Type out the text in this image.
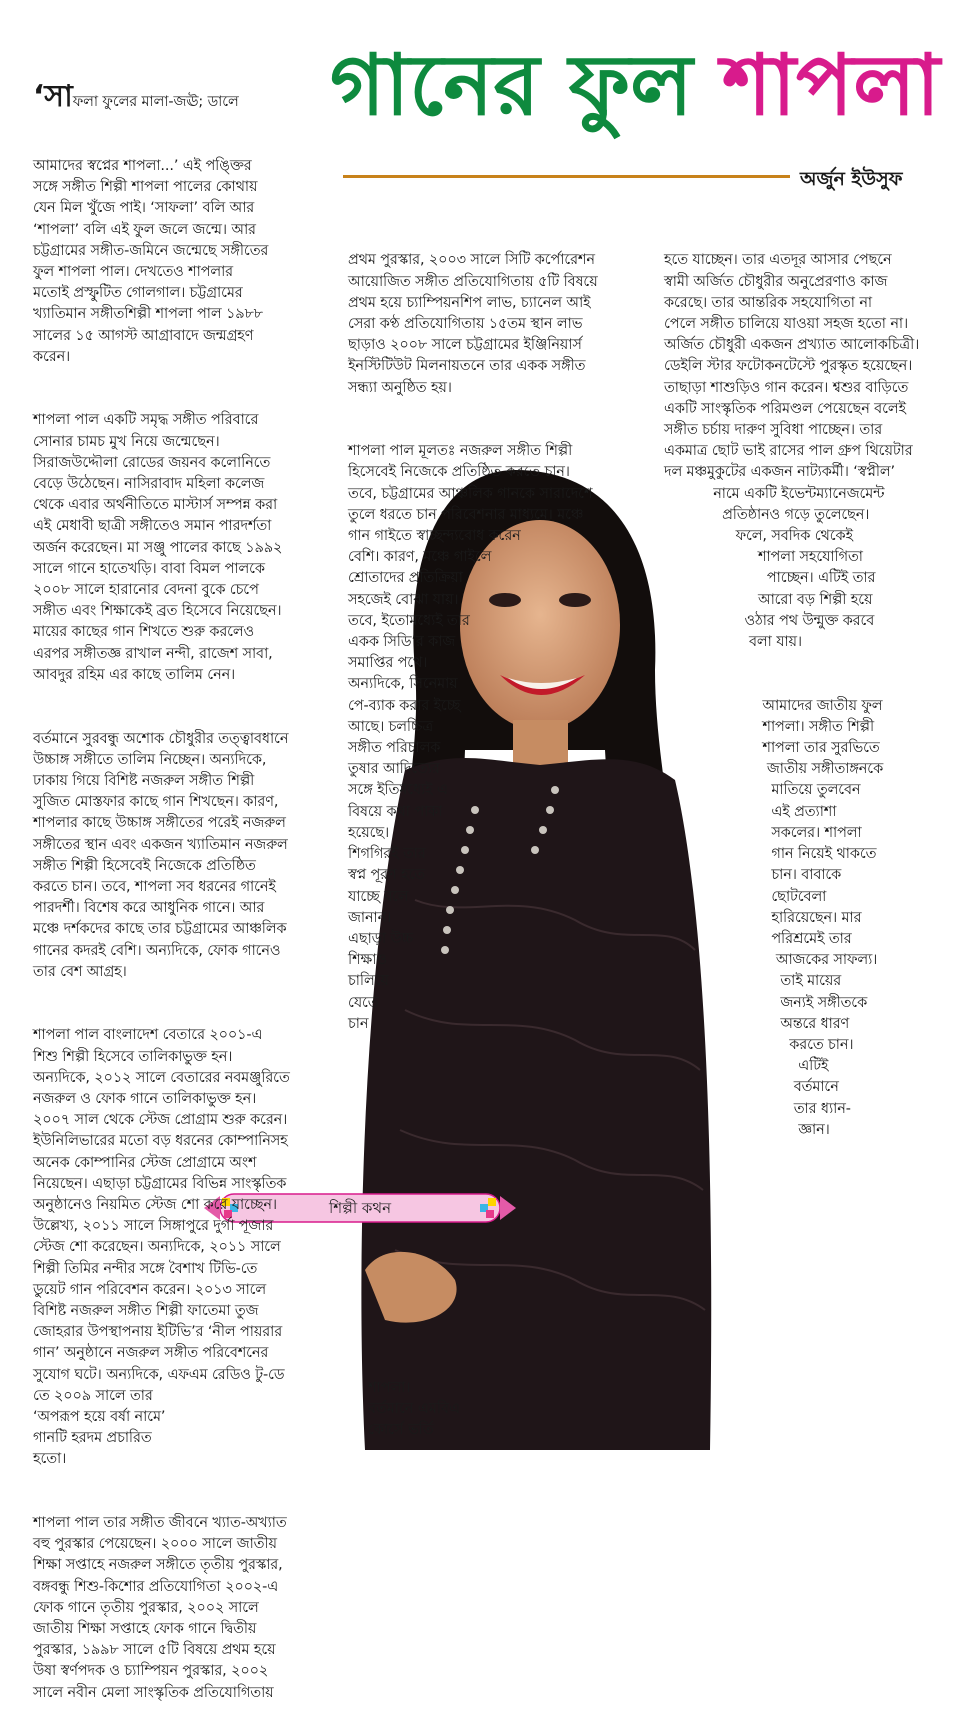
গানের ফুল শাপলা
অর্জুন ইউসুফ
শিল্পী কথন

‘সাফলা ফুলের মালা-জঊ; ডালে

আমাদের স্বপ্নের শাপলা...’ এই পঙ্ক্তির
সঙ্গে সঙ্গীত শিল্পী শাপলা পালের কোথায়
যেন মিল খুঁজে পাই। ‘সাফলা’ বলি আর
‘শাপলা’ বলি এই ফুল জলে জন্মে। আর
চট্টগ্রামের সঙ্গীত-জমিনে জন্মেছে সঙ্গীতের
ফুল শাপলা পাল। দেখতেও শাপলার
মতোই প্রস্ফুটিত গোলগাল। চট্টগ্রামের
খ্যাতিমান সঙ্গীতশিল্পী শাপলা পাল ১৯৮৮
সালের ১৫ আগস্ট আগ্রাবাদে জন্মগ্রহণ
করেন।

শাপলা পাল একটি সমৃদ্ধ সঙ্গীত পরিবারে
সোনার চামচ মুখ নিয়ে জন্মেছেন।
সিরাজউদ্দৌলা রোডের জয়নব কলোনিতে
বেড়ে উঠেছেন। নাসিরাবাদ মহিলা কলেজ
থেকে এবার অর্থনীতিতে মাস্টার্স সম্পন্ন করা
এই মেধাবী ছাত্রী সঙ্গীতেও সমান পারদর্শতা
অর্জন করেছেন। মা সঞ্জু পালের কাছে ১৯৯২
সালে গানে হাতেখড়ি। বাবা বিমল পালকে
২০০৮ সালে হারানোর বেদনা বুকে চেপে
সঙ্গীত এবং শিক্ষাকেই ব্রত হিসেবে নিয়েছেন।
মায়ের কাছের গান শিখতে শুরু করলেও
এরপর সঙ্গীতজ্ঞ রাখাল নন্দী, রাজেশ সাবা,
আবদুর রহিম এর কাছে তালিম নেন।

বর্তমানে সুরবন্ধু অশোক চৌধুরীর তত্ত্বাবধানে
উচ্চাঙ্গ সঙ্গীতে তালিম নিচ্ছেন। অন্যদিকে,
ঢাকায় গিয়ে বিশিষ্ট নজরুল সঙ্গীত শিল্পী
সুজিত মোস্তফার কাছে গান শিখছেন। কারণ,
শাপলার কাছে উচ্চাঙ্গ সঙ্গীতের পরেই নজরুল
সঙ্গীতের স্থান এবং একজন খ্যাতিমান নজরুল
সঙ্গীত শিল্পী হিসেবেই নিজেকে প্রতিষ্ঠিত
করতে চান। তবে, শাপলা সব ধরনের গানেই
পারদর্শী। বিশেষ করে আধুনিক গানে। আর
মঞ্চে দর্শকদের কাছে তার চট্টগ্রামের আঞ্চলিক
গানের কদরই বেশি। অন্যদিকে, ফোক গানেও
তার বেশ আগ্রহ।

শাপলা পাল বাংলাদেশ বেতারে ২০০১-এ
শিশু শিল্পী হিসেবে তালিকাভুক্ত হন।
অন্যদিকে, ২০১২ সালে বেতারের নবমঞ্জুরিতে
নজরুল ও ফোক গানে তালিকাভুক্ত হন।
২০০৭ সাল থেকে স্টেজ প্রোগ্রাম শুরু করেন।
ইউনিলিভারের মতো বড় ধরনের কোম্পানিসহ
অনেক কোম্পানির স্টেজ প্রোগ্রামে অংশ
নিয়েছেন। এছাড়া চট্টগ্রামের বিভিন্ন সাংস্কৃতিক
অনুষ্ঠানেও নিয়মিত স্টেজ শো করে যাচ্ছেন।
উল্লেখ্য, ২০১১ সালে সিঙ্গাপুরে দুর্গা পূজার
স্টেজ শো করেছেন। অন্যদিকে, ২০১১ সালে
শিল্পী তিমির নন্দীর সঙ্গে বৈশাখ টিভি-তে
ডুয়েট গান পরিবেশন করেন। ২০১৩ সালে
বিশিষ্ট নজরুল সঙ্গীত শিল্পী ফাতেমা তুজ
জোহরার উপস্থাপনায় ইটিভি’র ‘নীল পায়রার
গান’ অনুষ্ঠানে নজরুল সঙ্গীত পরিবেশনের
সুযোগ ঘটে। অন্যদিকে, এফএম রেডিও টু-ডে
তে ২০০৯ সালে তার
‘অপরূপ হয়ে বর্ষা নামে’
গানটি হরদম প্রচারিত
হতো।

শাপলা পাল তার সঙ্গীত জীবনে খ্যাত-অখ্যাত
বহু পুরস্কার পেয়েছেন। ২০০০ সালে জাতীয়
শিক্ষা সপ্তাহে নজরুল সঙ্গীতে তৃতীয় পুরস্কার,
বঙ্গবন্ধু শিশু-কিশোর প্রতিযোগিতা ২০০২-এ
ফোক গানে তৃতীয় পুরস্কার, ২০০২ সালে
জাতীয় শিক্ষা সপ্তাহে ফোক গানে দ্বিতীয়
পুরস্কার, ১৯৯৮ সালে ৫টি বিষয়ে প্রথম হয়ে
উষা স্বর্ণপদক ও চ্যাম্পিয়ন পুরস্কার, ২০০২
সালে নবীন মেলা সাংস্কৃতিক প্রতিযোগিতায়

প্রথম পুরস্কার, ২০০৩ সালে সিটি কর্পোরেশন
আয়োজিত সঙ্গীত প্রতিযোগিতায় ৫টি বিষয়ে
প্রথম হয়ে চ্যাম্পিয়নশিপ লাভ, চ্যানেল আই
সেরা কণ্ঠ প্রতিযোগিতায় ১৫তম স্থান লাভ
ছাড়াও ২০০৮ সালে চট্টগ্রামের ইঞ্জিনিয়ার্স
ইনস্টিটিউট মিলনায়তনে তার একক সঙ্গীত
সন্ধ্যা অনুষ্ঠিত হয়।

শাপলা পাল মূলতঃ নজরুল সঙ্গীত শিল্পী
হিসেবেই নিজেকে প্রতিষ্ঠিত করতে চান।
তবে, চট্টগ্রামের আঞ্চলিক গানকে সারাদেশে
তুলে ধরতে চান পরিবেশনার মাধ্যমে। মঞ্চে
গান গাইতে স্বাচ্ছন্দ্যবোধ করেন
বেশি। কারণ, মঞ্চে গাইলে
শ্রোতাদের প্রতিক্রিয়া
সহজেই বোঝা যায়।
তবে, ইতোমধ্যেই তার
একক সিডি’র কাজ
সমাপ্তির পথে।
অন্যদিকে, সিনেমায়
পে-ব্যাক করার ইচ্ছে
আছে। চলচ্চিত্র
সঙ্গীত পরিচালক
তুষার আদিত্যের
সঙ্গে ইতিমধ্যেই এ
বিষয়ে কথা পাকা
হয়েছে।
শিগগিরই তার
স্বপ্ন পূরণ হতে
যাচ্ছে বলে
জানান।
এছাড়া উচ্চ
শিক্ষাও
চালিয়ে
যেতে
চান

হতে যাচ্ছেন। তার এতদূর আসার পেছনে
স্বামী অর্জিত চৌধুরীর অনুপ্রেরণাও কাজ
করেছে। তার আন্তরিক সহযোগিতা না
পেলে সঙ্গীত চালিয়ে যাওয়া সহজ হতো না।
অর্জিত চৌধুরী একজন প্রখ্যাত আলোকচিত্রী।
ডেইলি স্টার ফটোকনটেস্টে পুরস্কৃত হয়েছেন।
তাছাড়া শাশুড়িও গান করেন। শ্বশুর বাড়িতে
একটি সাংস্কৃতিক পরিমণ্ডল পেয়েছেন বলেই
সঙ্গীত চর্চায় দারুণ সুবিধা পাচ্ছেন। তার
একমাত্র ছোট ভাই রাসের পাল গ্রুপ থিয়েটার
দল মঞ্চমুকুটের একজন নাট্যকর্মী। ‘স্বপ্নীল’
নামে একটি ইভেন্টম্যানেজমেন্ট
প্রতিষ্ঠানও গড়ে তুলেছেন।
ফলে, সবদিক থেকেই
শাপলা সহযোগিতা
পাচ্ছেন। এটিই তার
আরো বড় শিল্পী হয়ে
ওঠার পথ উন্মুক্ত করবে
বলা যায়।

আমাদের জাতীয় ফুল
শাপলা। সঙ্গীত শিল্পী
শাপলা তার সুরভিতে
জাতীয় সঙ্গীতাঙ্গনকে
মাতিয়ে তুলবেন
এই প্রত্যাশা
সকলের। শাপলা
গান নিয়েই থাকতে
চান। বাবাকে
ছোটবেলা
হারিয়েছেন। মার
পরিশ্রমেই তার
আজকের সাফল্য।
তাই মায়ের
জন্যই সঙ্গীতকে
অন্তরে ধারণ
করতে চান।
এটিই
বর্তমানে
তার ধ্যান-
জ্ঞান।

শাপলা।
বর্তমানে এমবিএ
কোর্সে ভর্তি
